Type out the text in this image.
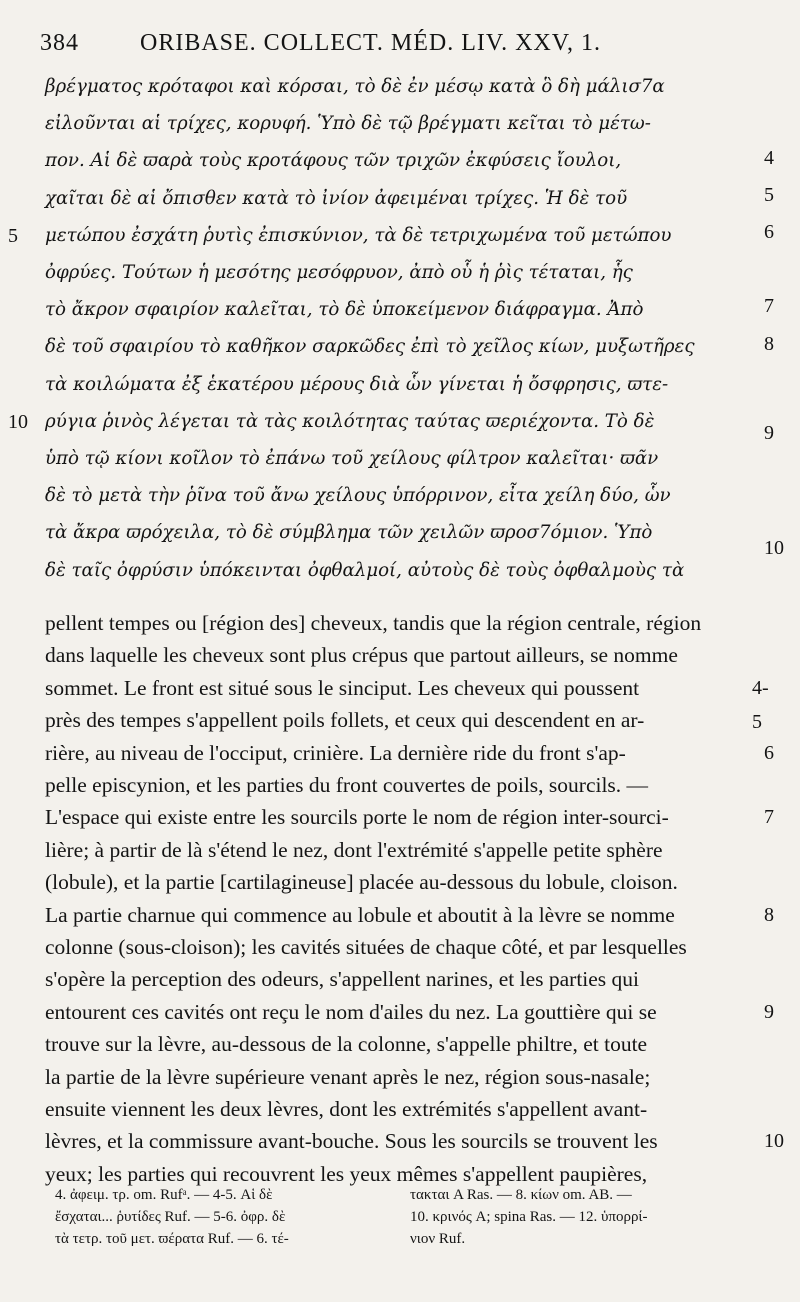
384	ORIBASE. COLLECT. MÉD. LIV. XXV, 1.
βρέγματος κρόταφοι καὶ κόρσαι, τὸ δὲ ἐν μέσῳ κατὰ ὃ δὴ μάλισ7α
εἰλοῦνται αἱ τρίχες, κορυφή. Ὑπὸ δὲ τῷ βρέγματι κεῖται τὸ μέτω-
πον. Αἱ δὲ ϖαρὰ τοὺς κροτάφους τῶν τριχῶν ἐκφύσεις ἴουλοι,
χαῖται δὲ αἱ ὄπισθεν κατὰ τὸ ἰνίον ἀφειμέναι τρίχες. Ἡ δὲ τοῦ
μετώπου ἐσχάτη ῥυτὶς ἐπισκύνιον, τὰ δὲ τετριχωμένα τοῦ μετώπου
ὀφρύες. Τούτων ἡ μεσότης μεσόφρυον, ἀπὸ οὗ ἡ ῥὶς τέταται, ἧς
τὸ ἄκρον σφαιρίον καλεῖται, τὸ δὲ ὑποκείμενον διάφραγμα. Ἀπὸ
δὲ τοῦ σφαιρίου τὸ καθῆκον σαρκῶδες ἐπὶ τὸ χεῖλος κίων, μυξωτῆρες
τὰ κοιλώματα ἐξ ἑκατέρου μέρους διὰ ὧν γίνεται ἡ ὄσφρησις, ϖτε-
ρύγια ῥινὸς λέγεται τὰ τὰς κοιλότητας ταύτας ϖεριέχοντα. Τὸ δὲ
ὑπὸ τῷ κίονι κοῖλον τὸ ἐπάνω τοῦ χείλους φίλτρον καλεῖται· ϖᾶν
δὲ τὸ μετὰ τὴν ῥῖνα τοῦ ἄνω χείλους ὑπόρρινον, εἶτα χείλη δύο, ὧν
τὰ ἄκρα ϖρόχειλα, τὸ δὲ σύμβλημα τῶν χειλῶν ϖροσ7όμιον. Ὑπὸ
δὲ ταῖς ὀφρύσιν ὑπόκεινται ὀφθαλμοί, αὐτοὺς δὲ τοὺς ὀφθαλμοὺς τὰ
5
10
4
5
6
7
8
9
10
pellent tempes ou [région des] cheveux, tandis que la région centrale, région
dans laquelle les cheveux sont plus crépus que partout ailleurs, se nomme
sommet. Le front est situé sous le sinciput. Les cheveux qui poussent
près des tempes s'appellent poils follets, et ceux qui descendent en ar-
rière, au niveau de l'occiput, crinière. La dernière ride du front s'ap-
pelle episcynion, et les parties du front couvertes de poils, sourcils. —
L'espace qui existe entre les sourcils porte le nom de région inter-sourci-
lière; à partir de là s'étend le nez, dont l'extrémité s'appelle petite sphère
(lobule), et la partie [cartilagineuse] placée au-dessous du lobule, cloison.
La partie charnue qui commence au lobule et aboutit à la lèvre se nomme
colonne (sous-cloison); les cavités situées de chaque côté, et par lesquelles
s'opère la perception des odeurs, s'appellent narines, et les parties qui
entourent ces cavités ont reçu le nom d'ailes du nez. La gouttière qui se
trouve sur la lèvre, au-dessous de la colonne, s'appelle philtre, et toute
la partie de la lèvre supérieure venant après le nez, région sous-nasale;
ensuite viennent les deux lèvres, dont les extrémités s'appellent avant-
lèvres, et la commissure avant-bouche. Sous les sourcils se trouvent les
yeux; les parties qui recouvrent les yeux mêmes s'appellent paupières,
4-5
6
7
8
9
10
4. ἀφειμ. τρ. om. Rufᵃ. — 4-5. Αἱ δὲ
ἔσχαται... ῥυτίδες Ruf. — 5-6. ὀφρ. δὲ
τὰ τετρ. τοῦ μετ. ϖέρατα Ruf. — 6. τέ-
τακται A Ras. — 8. κίων om. AB. —
10. κρινός A; spina Ras. — 12. ὑπορρί-
νιον Ruf.
